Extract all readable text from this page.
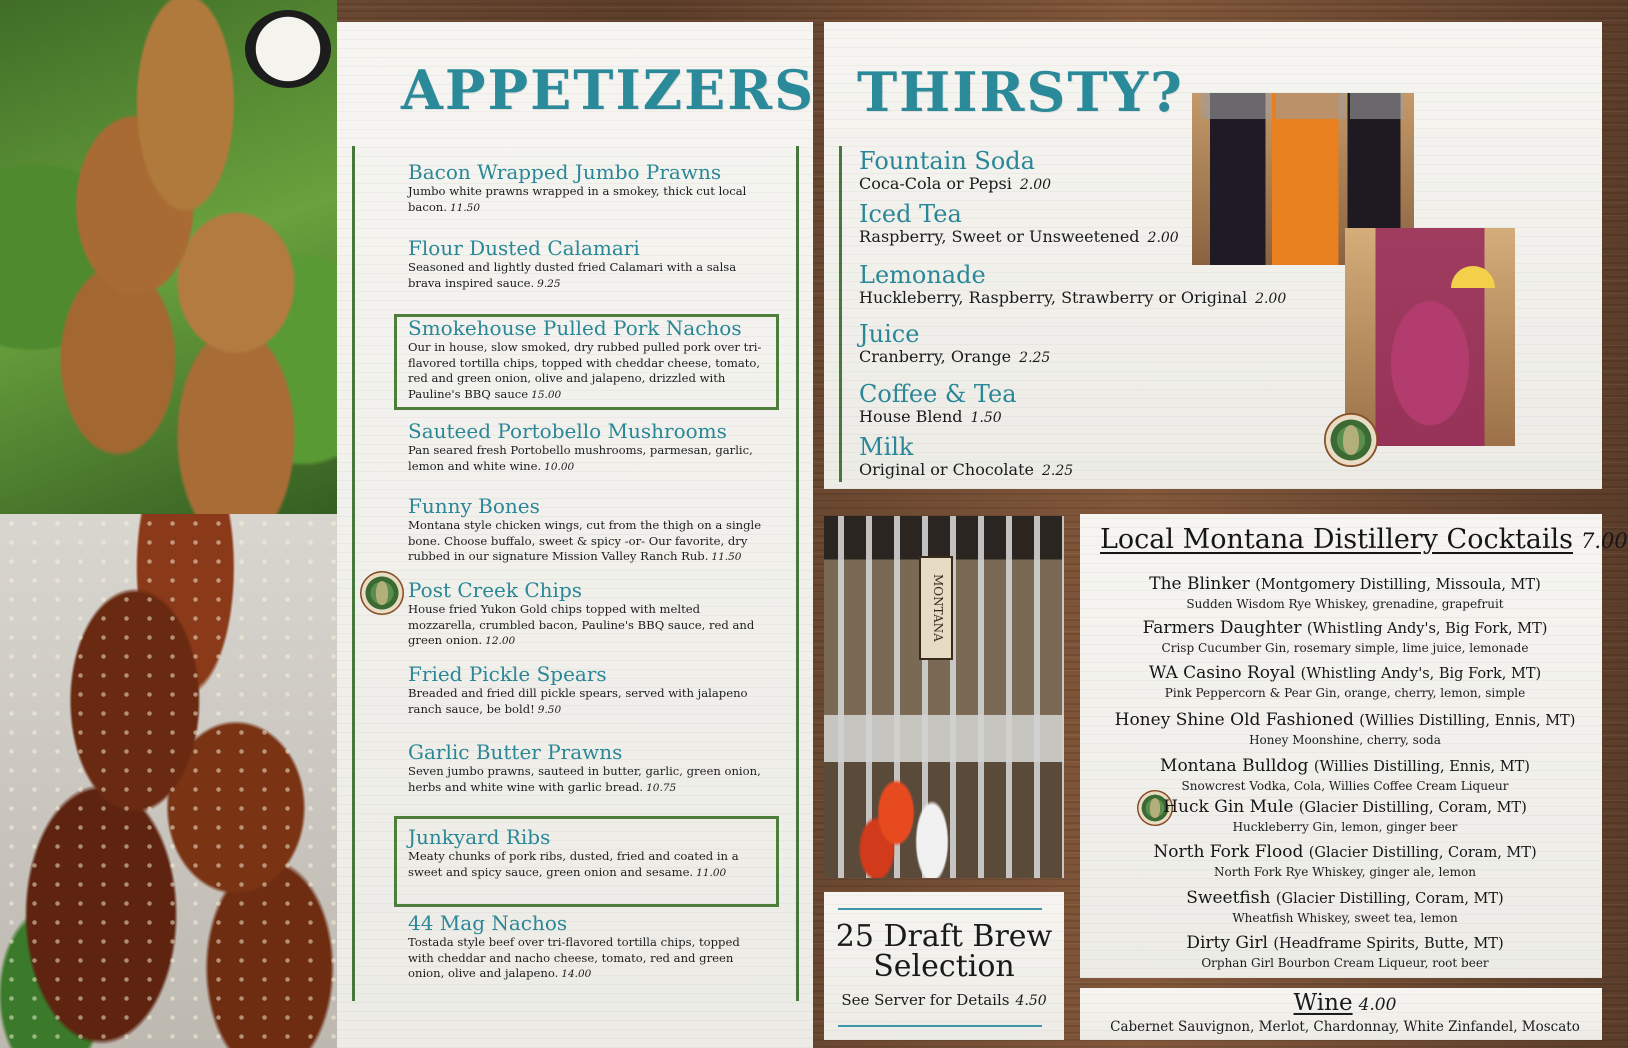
APPETIZERS
Bacon Wrapped Jumbo Prawns
Jumbo white prawns wrapped in a smokey, thick cut local bacon. 11.50
Flour Dusted Calamari
Seasoned and lightly dusted fried Calamari with a salsa brava inspired sauce. 9.25
Smokehouse Pulled Pork Nachos
Our in house, slow smoked, dry rubbed pulled pork over tri-flavored tortilla chips, topped with cheddar cheese, tomato, red and green onion, olive and jalapeno, drizzled with Pauline's BBQ sauce 15.00
Sauteed Portobello Mushrooms
Pan seared fresh Portobello mushrooms, parmesan, garlic, lemon and white wine. 10.00
Funny Bones
Montana style chicken wings, cut from the thigh on a single bone. Choose buffalo, sweet & spicy -or- Our favorite, dry rubbed in our signature Mission Valley Ranch Rub. 11.50
Post Creek Chips
House fried Yukon Gold chips topped with melted mozzarella, crumbled bacon, Pauline's BBQ sauce, red and green onion. 12.00
Fried Pickle Spears
Breaded and fried dill pickle spears, served with jalapeno ranch sauce, be bold! 9.50
Garlic Butter Prawns
Seven jumbo prawns, sauteed in butter, garlic, green onion, herbs and white wine with garlic bread. 10.75
Junkyard Ribs
Meaty chunks of pork ribs, dusted, fried and coated in a sweet and spicy sauce, green onion and sesame. 11.00
44 Mag Nachos
Tostada style beef over tri-flavored tortilla chips, topped with cheddar and nacho cheese, tomato, red and green onion, olive and jalapeno. 14.00
THIRSTY?
Fountain Soda
Coca-Cola or Pepsi 2.00
Iced Tea
Raspberry, Sweet or Unsweetened 2.00
Lemonade
Huckleberry, Raspberry, Strawberry or Original 2.00
Juice
Cranberry, Orange 2.25
Coffee & Tea
House Blend 1.50
Milk
Original or Chocolate 2.25
MONTANA
25 Draft Brew
Selection
See Server for Details 4.50
Local Montana Distillery Cocktails 7.00
The Blinker (Montgomery Distilling, Missoula, MT)
Sudden Wisdom Rye Whiskey, grenadine, grapefruit
Farmers Daughter (Whistling Andy's, Big Fork, MT)
Crisp Cucumber Gin, rosemary simple, lime juice, lemonade
WA Casino Royal (Whistling Andy's, Big Fork, MT)
Pink Peppercorn & Pear Gin, orange, cherry, lemon, simple
Honey Shine Old Fashioned (Willies Distilling, Ennis, MT)
Honey Moonshine, cherry, soda
Montana Bulldog (Willies Distilling, Ennis, MT)
Snowcrest Vodka, Cola, Willies Coffee Cream Liqueur
Huck Gin Mule (Glacier Distilling, Coram, MT)
Huckleberry Gin, lemon, ginger beer
North Fork Flood (Glacier Distilling, Coram, MT)
North Fork Rye Whiskey, ginger ale, lemon
Sweetfish (Glacier Distilling, Coram, MT)
Wheatfish Whiskey, sweet tea, lemon
Dirty Girl (Headframe Spirits, Butte, MT)
Orphan Girl Bourbon Cream Liqueur, root beer
Wine 4.00
Cabernet Sauvignon, Merlot, Chardonnay, White Zinfandel, Moscato
